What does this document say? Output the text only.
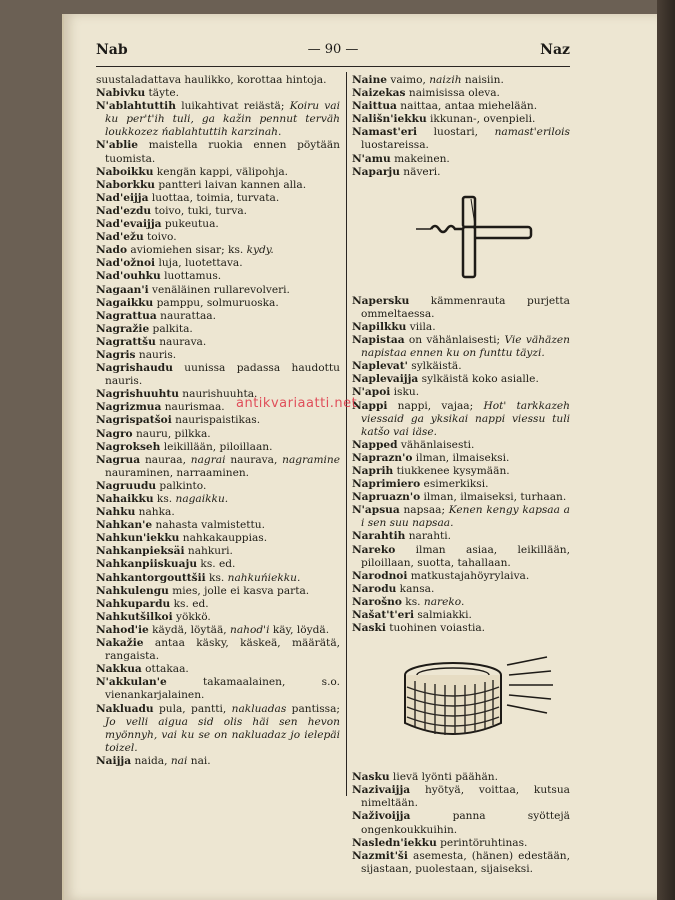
Nab	— 90 —	Naz

suustaladattava haulikko, korottaa hintoja.

Nabivku täyte.

N'ablahtuttih luikahtivat reiästä; Koiru vai ku per't'ih tuli, ga kažin pennut terväh loukkozez ńablahtuttih karzinah.

N'ablie maistella ruokia ennen pöytään tuomista.

Naboikku kengän kappi, välipohja.

Naborkku pantteri laivan kannen alla.

Nad'eijja luottaa, toimia, turvata.

Nad'ezdu toivo, tuki, turva.

Nad'evaijja pukeutua.

Nad'ežu toivo.

Nado aviomiehen sisar; ks. kydy.

Nad'ožnoi luja, luotettava.

Nad'ouhku luottamus.

Nagaan'i venäläinen rullarevolveri.

Nagaikku pamppu, solmuruoska.

Nagrattua naurattaa.

Nagražie palkita.

Nagrattšu naurava.

Nagris nauris.

Nagrishaudu uunissa padassa haudottu nauris.

Nagrishuuhtu naurishuuhta.

Nagrizmua naurismaa.

Nagrispatšoi naurispaistikas.

Nagro nauru, pilkka.

Nagrokseh leikillään, piloillaan.

Nagrua nauraa, nagrai naurava, nagramine nauraminen, narraaminen.

Nagruudu palkinto.

Nahaikku ks. nagaikku.

Nahku nahka.

Nahkan'e nahasta valmistettu.

Nahkun'iekku nahkakauppias.

Nahkanpieksäi nahkuri.

Nahkanpiiskuaju ks. ed.

Nahkantorgouttšii ks. nahkuńiekku.

Nahkulengu mies, jolle ei kasva parta.

Nahkupardu ks. ed.

Nahkutšilkoi yökkö.

Nahod'ie käydä, löytää, nahod'i käy, löydä.

Nakažie antaa käsky, käskeä, määrätä, rangaista.

Nakkua ottakaa.

N'akkulan'e takamaalainen, s.o. vienankarjalainen.

Nakluadu pula, pantti, nakluadas pantissa; Jo velli aigua sid olis häi sen hevon myönnyh, vai ku se on nakluadaz jo ielepäi toizel.

Naijja naida, nai nai.

Naine vaimo, naizih naisiin.

Naizekas naimisissa oleva.

Naittua naittaa, antaa miehelään.

Nališn'iekku ikkunan-, ovenpieli.

Namast'eri luostari, namast'erilois luostareissa.

N'amu makeinen.

Naparju näveri.

Napersku kämmenrauta purjetta ommeltaessa.

Napilkku viila.

Napistaa on vähänlaisesti; Vie vähäzen napistaa ennen ku on funttu täyzi.

Naplevat' sylkäistä.

Naplevaijja sylkäistä koko asialle.

N'apoi isku.

Nappi nappi, vajaa; Hot' tarkkazeh viessaid ga yksikai nappi viessu tuli katšo vai iäse.

Napped vähänlaisesti.

Naprazn'o ilman, ilmaiseksi.

Naprih tiukkenee kysymään.

Naprimiero esimerkiksi.

Napruazn'o ilman, ilmaiseksi, turhaan.

N'apsua napsaa; Kenen kengy kapsaa a i sen suu napsaa.

Narahtih narahti.

Nareko ilman asiaa, leikillään, piloillaan, suotta, tahallaan.

Narodnoi matkustajahöyrylaiva.

Narodu kansa.

Narošno ks. nareko.

Našat't'eri salmiakki.

Naski tuohinen voiastia.

Nasku lievä lyönti päähän.

Nazivaijja hyötyä, voittaa, kutsua nimeltään.

Naživoijja panna syöttejä ongenkoukkuihin.

Nasledn'iekku perintöruhtinas.

Nazmit'ši asemesta, (hänen) edestään, sijastaan, puolestaan, sijaiseksi.

antikvariaatti.net
